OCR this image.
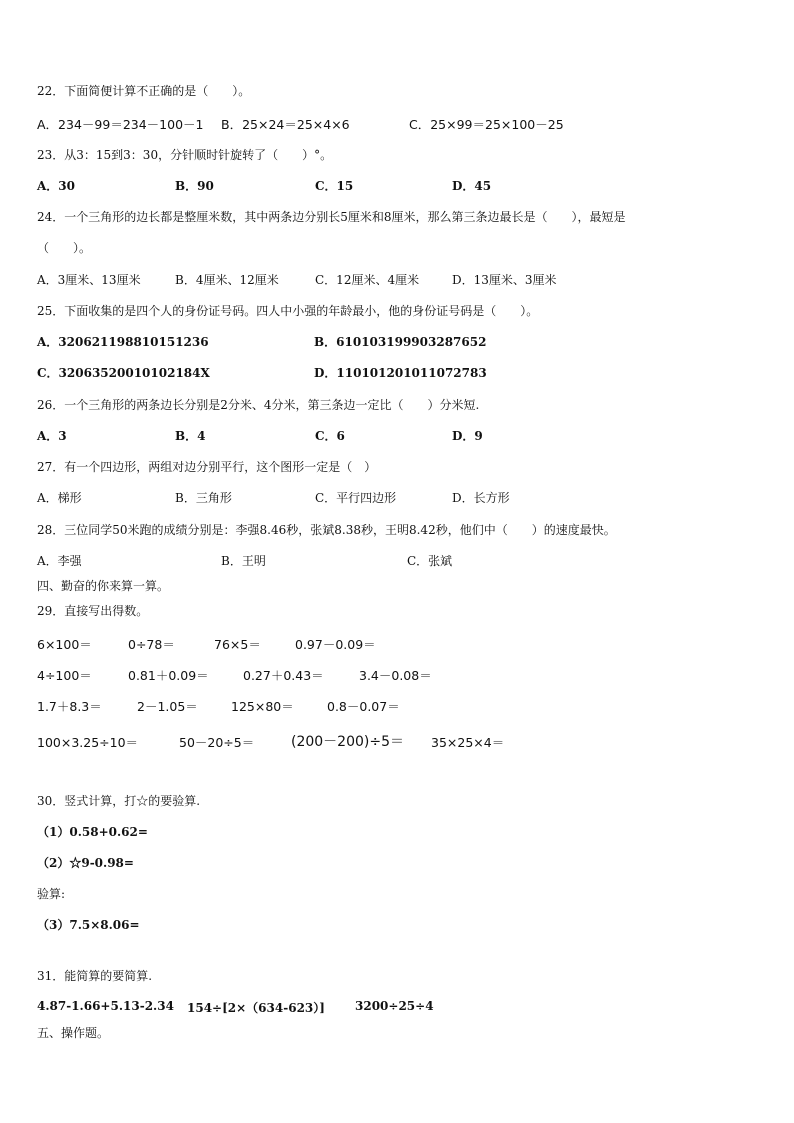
22．下面简便计算不正确的是（　　）。
A．234－99＝234－100－1 B．25×24＝25×4×6	C．25×99＝25×100－25
23．从3：15到3：30，分针顺时针旋转了（　　）°。
A．30	B．90	C．15	D．45
24．一个三角形的边长都是整厘米数，其中两条边分别长5厘米和8厘米，那么第三条边最长是（　　），最短是
（　　）。
A．3厘米、13厘米	B．4厘米、12厘米	C．12厘米、4厘米	D．13厘米、3厘米
25．下面收集的是四个人的身份证号码。四人中小强的年龄最小，他的身份证号码是（　　）。
A．320621198810151236	B．610103199903287652
C．32063520010102184X	D．110101201011072783
26．一个三角形的两条边长分别是2分米、4分米，第三条边一定比（　　）分米短.
A．3	B．4	C．6	D．9
27．有一个四边形，两组对边分别平行，这个图形一定是（　）
A．梯形	B．三角形	C．平行四边形	D．长方形
28．三位同学50米跑的成绩分别是：李强8.46秒，张斌8.38秒，王明8.42秒，他们中（　　）的速度最快。
A．李强	B．王明	C．张斌
四、勤奋的你来算一算。
29．直接写出得数。
6×100＝	0÷78＝	76×5＝	0.97－0.09＝
4÷100＝	0.81＋0.09＝	0.27＋0.43＝	3.4－0.08＝
1.7＋8.3＝	2－1.05＝	125×80＝	0.8－0.07＝
100×3.25÷10＝	50－20÷5＝	(200－200)÷5＝ 35×25×4＝
30．竖式计算，打☆的要验算.
（1）0.58+0.62=
（2）☆9-0.98=
验算:
（3）7.5×8.06=
31．能简算的要简算.
4.87-1.66+5.13-2.34 154÷[2×（634-623）]	3200÷25÷4
五、操作题。
